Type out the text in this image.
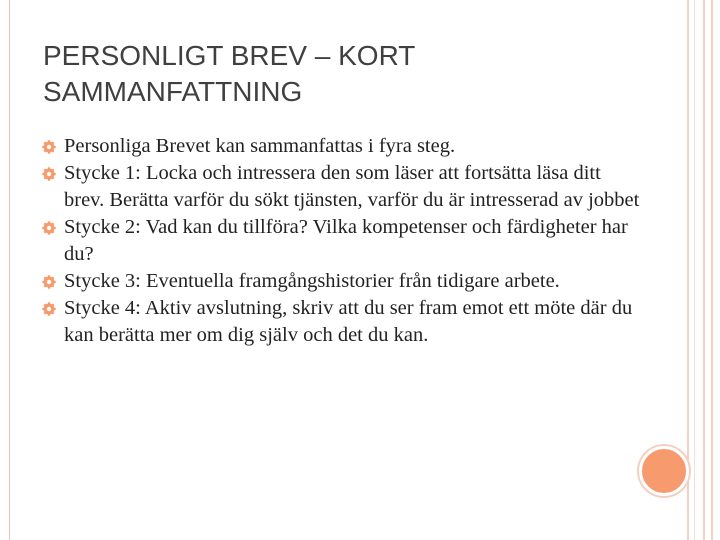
PERSONLIGT BREV – KORT SAMMANFATTNING
Personliga Brevet kan sammanfattas i fyra steg.
Stycke 1: Locka och intressera den som läser att fortsätta läsa ditt brev. Berätta varför du sökt tjänsten, varför du är intresserad av jobbet
Stycke 2: Vad kan du tillföra? Vilka kompetenser och färdigheter har du?
Stycke 3: Eventuella framgångshistorier från tidigare arbete.
Stycke 4: Aktiv avslutning, skriv att du ser fram emot ett möte där du kan berätta mer om dig själv och det du kan.
